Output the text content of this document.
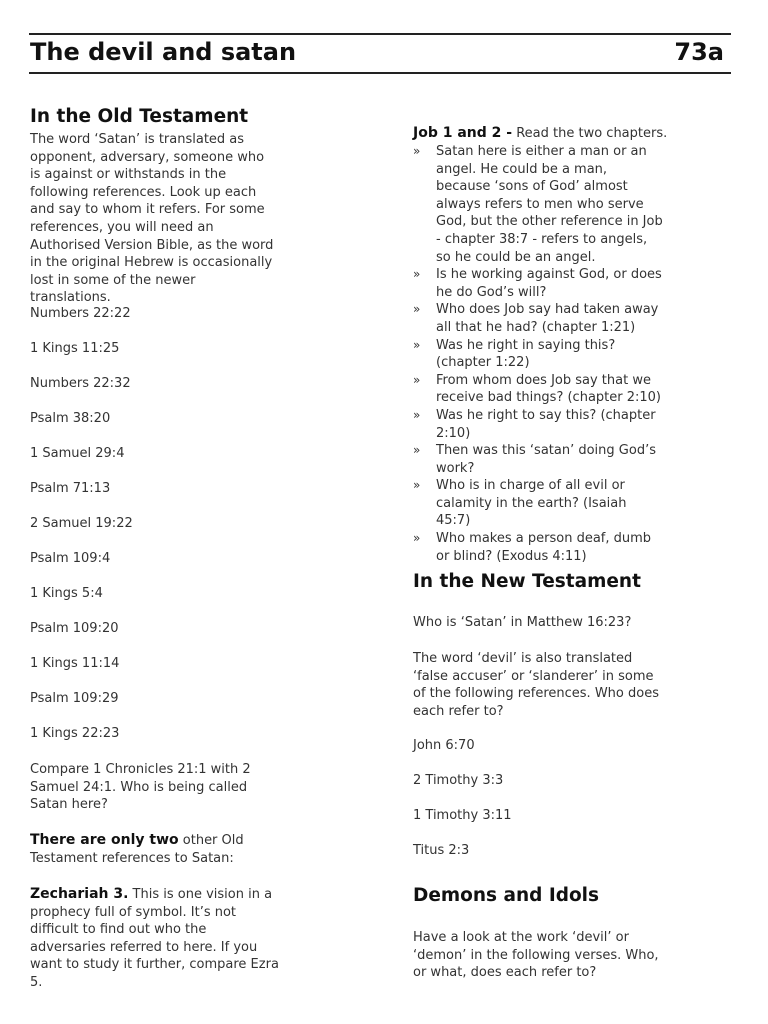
The devil and satan	73a
In the Old Testament
The word ‘Satan’ is translated as opponent, adversary, someone who is against or withstands in the following references. Look up each and say to whom it refers. For some references, you will need an Authorised Version Bible, as the word in the original Hebrew is occasionally lost in some of the newer translations.
Numbers 22:22
1 Kings 11:25
Numbers 22:32
Psalm 38:20
1 Samuel 29:4
Psalm 71:13
2 Samuel 19:22
Psalm 109:4
1 Kings 5:4
Psalm 109:20
1 Kings 11:14
Psalm 109:29
1 Kings 22:23
Compare 1 Chronicles 21:1 with 2 Samuel 24:1. Who is being called Satan here?
There are only two other Old Testament references to Satan:
Zechariah 3. This is one vision in a prophecy full of symbol. It’s not difficult to find out who the adversaries referred to here. If you want to study it further, compare Ezra 5.
Job 1 and 2 - Read the two chapters.
» Satan here is either a man or an angel. He could be a man, because ‘sons of God’ almost always refers to men who serve God, but the other reference in Job - chapter 38:7 - refers to angels, so he could be an angel.
» Is he working against God, or does he do God’s will?
» Who does Job say had taken away all that he had? (chapter 1:21)
» Was he right in saying this? (chapter 1:22)
» From whom does Job say that we receive bad things? (chapter 2:10)
» Was he right to say this? (chapter 2:10)
» Then was this ‘satan’ doing God’s work?
» Who is in charge of all evil or calamity in the earth? (Isaiah 45:7)
» Who makes a person deaf, dumb or blind? (Exodus 4:11)
In the New Testament
Who is ‘Satan’ in Matthew 16:23?
The word ‘devil’ is also translated ‘false accuser’ or ‘slanderer’ in some of the following references. Who does each refer to?
John 6:70
2 Timothy 3:3
1 Timothy 3:11
Titus 2:3
Demons and Idols
Have a look at the work ‘devil’ or ‘demon’ in the following verses. Who, or what, does each refer to?
